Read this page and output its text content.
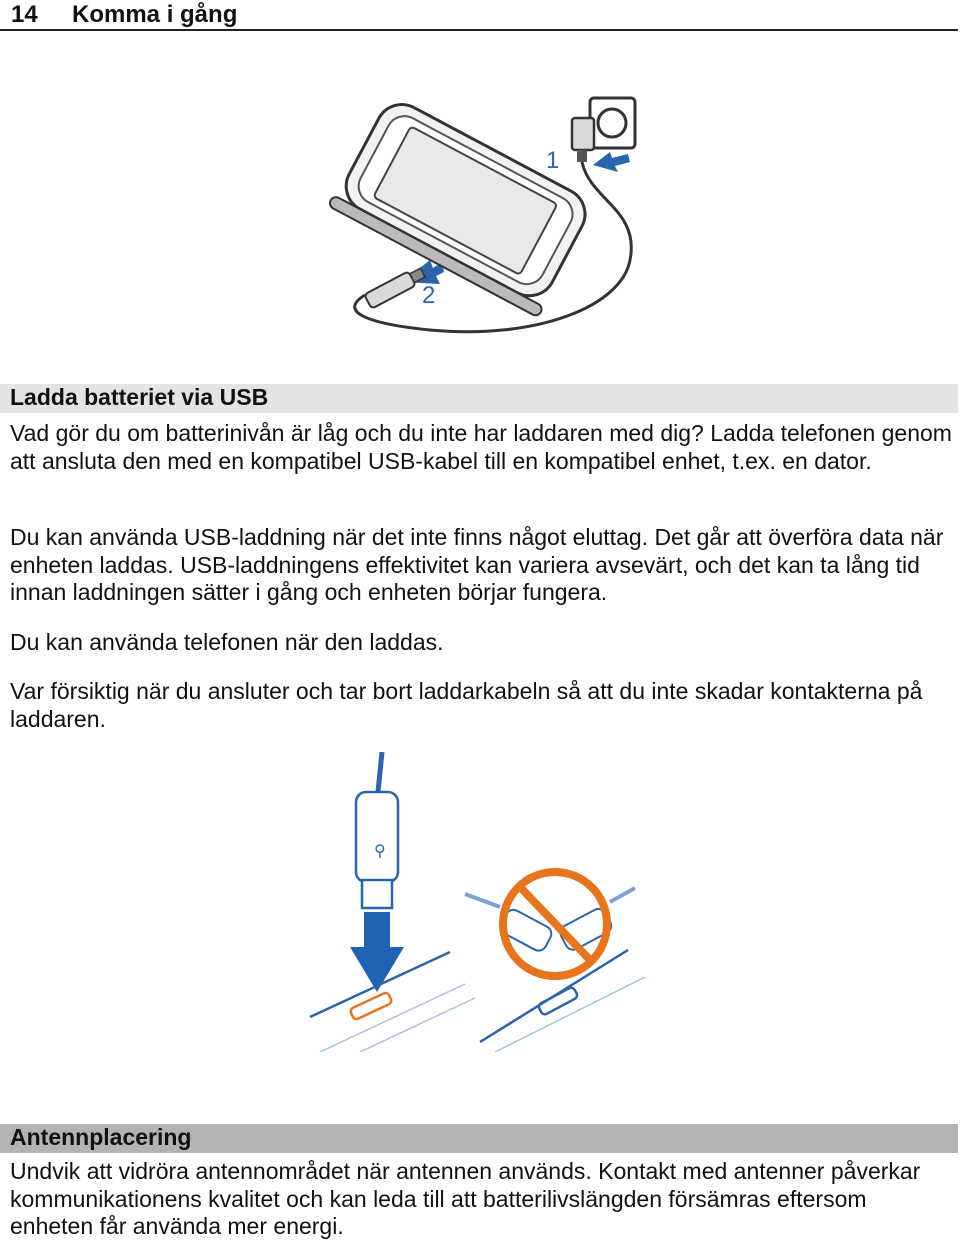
14 Komma i gång
1
2
Ladda batteriet via USB

Vad gör du om batterinivån är låg och du inte har laddaren med dig? Ladda telefonen genom att ansluta den med en kompatibel USB-kabel till en kompatibel enhet, t.ex. en dator.

Du kan använda USB-laddning när det inte finns något eluttag. Det går att överföra data när enheten laddas. USB-laddningens effektivitet kan variera avsevärt, och det kan ta lång tid innan laddningen sätter i gång och enheten börjar fungera.

Du kan använda telefonen när den laddas.

Var försiktig när du ansluter och tar bort laddarkabeln så att du inte skadar kontakterna på laddaren.

⚲
Antennplacering

Undvik att vidröra antennområdet när antennen används. Kontakt med antenner påverkar kommunikationens kvalitet och kan leda till att batterilivslängden försämras eftersom enheten får använda mer energi.
